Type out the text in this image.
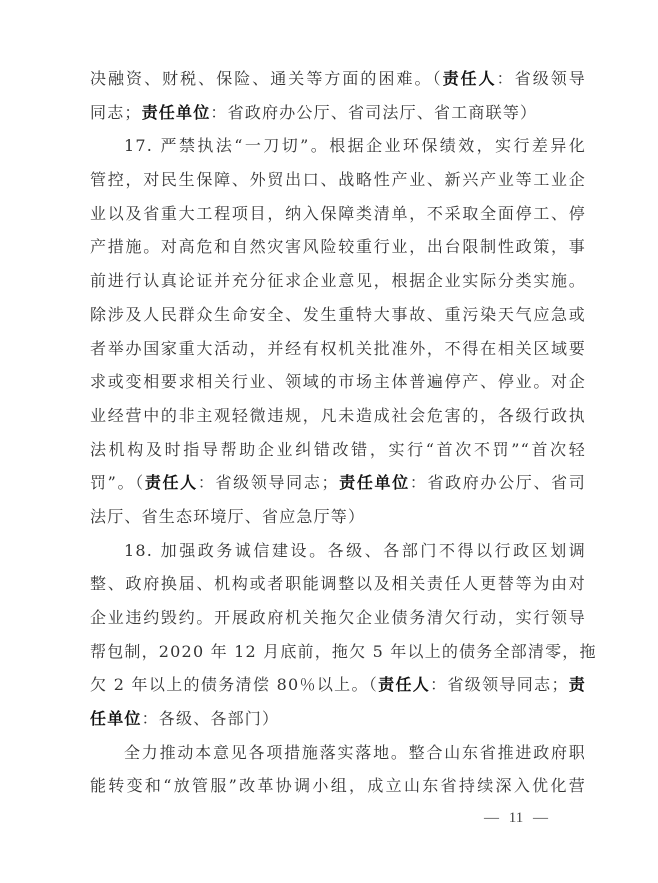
决融资、财税、保险、通关等方面的困难。（责任人：省级领导
同志；责任单位：省政府办公厅、省司法厅、省工商联等）
17. 严禁执法“一刀切”。根据企业环保绩效，实行差异化
管控，对民生保障、外贸出口、战略性产业、新兴产业等工业企
业以及省重大工程项目，纳入保障类清单，不采取全面停工、停
产措施。对高危和自然灾害风险较重行业，出台限制性政策，事
前进行认真论证并充分征求企业意见，根据企业实际分类实施。
除涉及人民群众生命安全、发生重特大事故、重污染天气应急或
者举办国家重大活动，并经有权机关批准外，不得在相关区域要
求或变相要求相关行业、领域的市场主体普遍停产、停业。对企
业经营中的非主观轻微违规，凡未造成社会危害的，各级行政执
法机构及时指导帮助企业纠错改错，实行“首次不罚”“首次轻
罚”。（责任人：省级领导同志；责任单位：省政府办公厅、省司
法厅、省生态环境厅、省应急厅等）
18. 加强政务诚信建设。各级、各部门不得以行政区划调
整、政府换届、机构或者职能调整以及相关责任人更替等为由对
企业违约毁约。开展政府机关拖欠企业债务清欠行动，实行领导
帮包制，2020 年 12 月底前，拖欠 5 年以上的债务全部清零，拖
欠 2 年以上的债务清偿 80％以上。（责任人：省级领导同志；责
任单位：各级、各部门）
全力推动本意见各项措施落实落地。整合山东省推进政府职
能转变和“放管服”改革协调小组，成立山东省持续深入优化营
— 11 —
